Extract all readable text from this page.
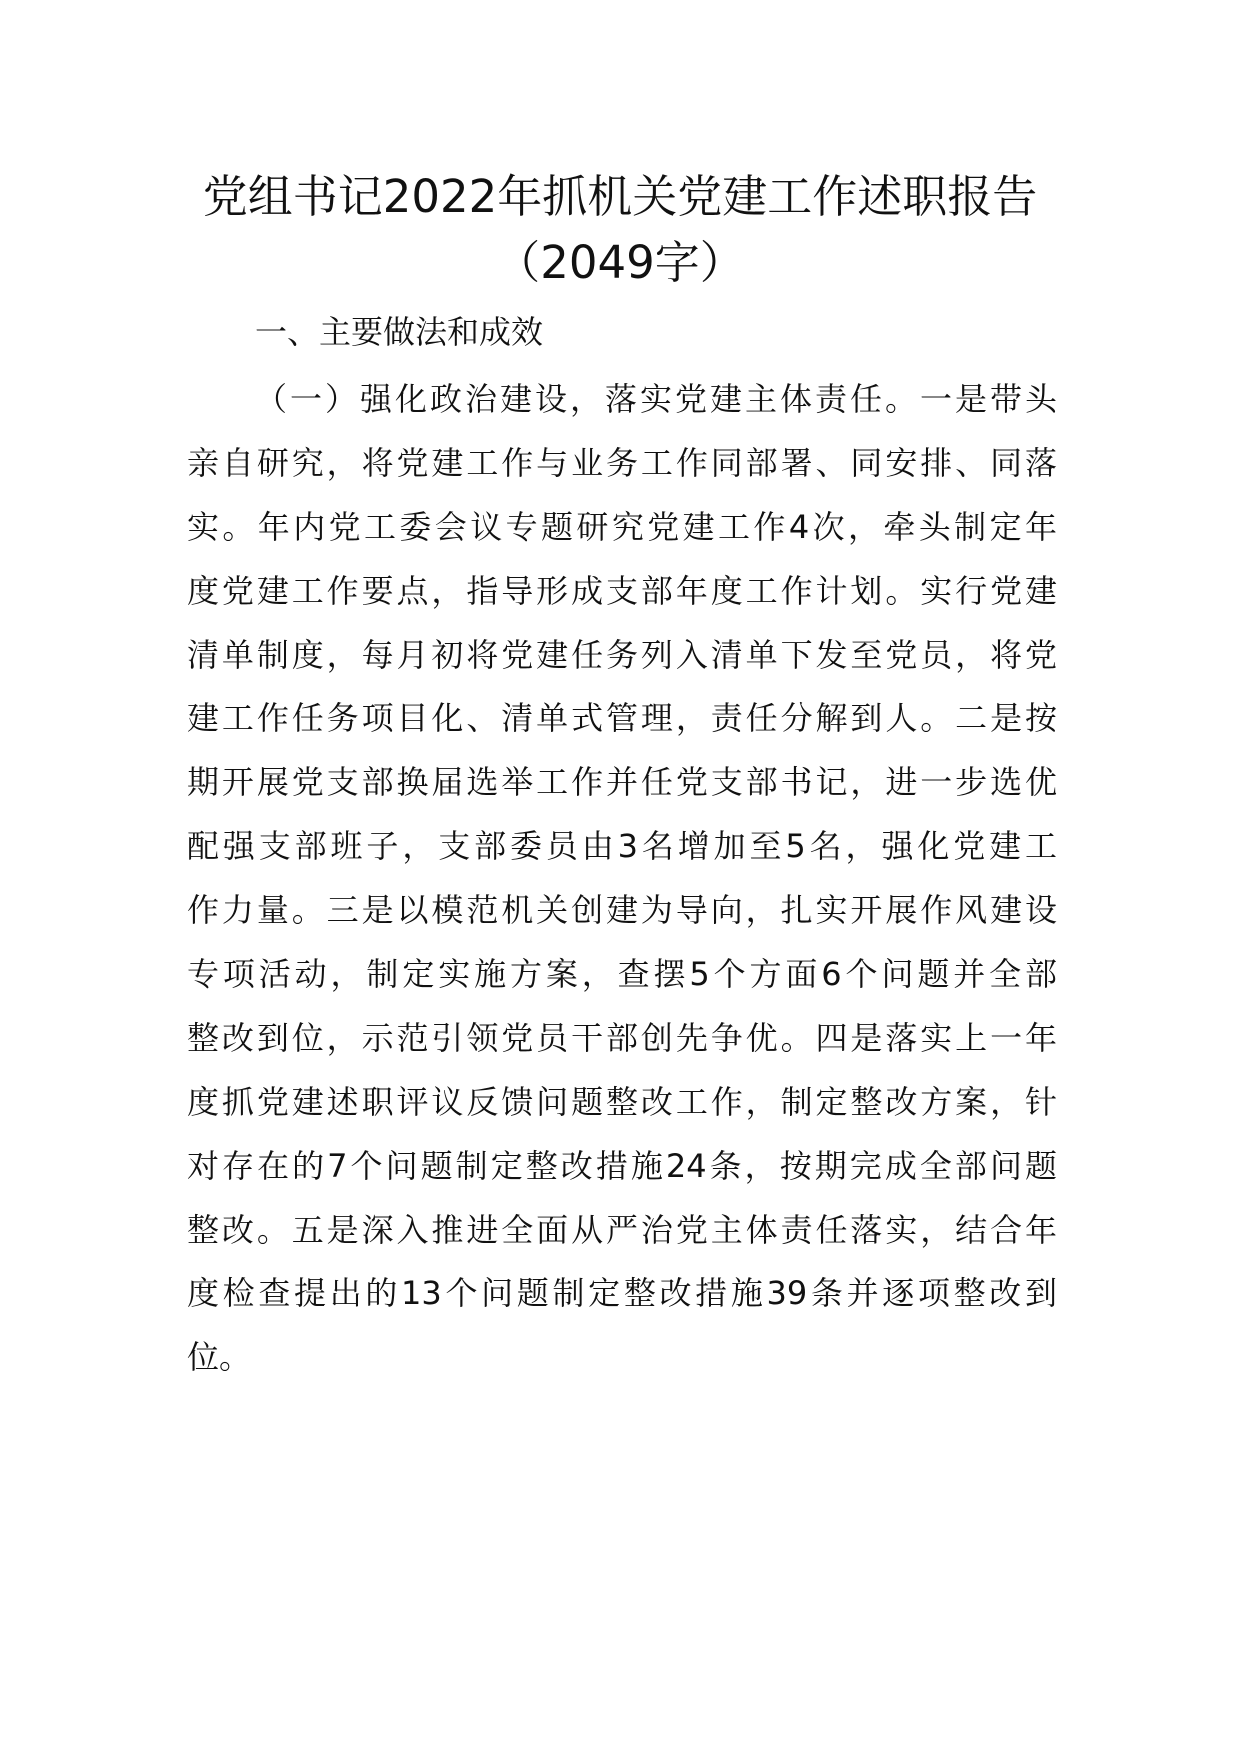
党组书记2022年抓机关党建工作述职报告
（2049字）
一、主要做法和成效
（一）强化政治建设，落实党建主体责任。一是带头
亲自研究，将党建工作与业务工作同部署、同安排、同落
实。年内党工委会议专题研究党建工作4次，牵头制定年
度党建工作要点，指导形成支部年度工作计划。实行党建
清单制度，每月初将党建任务列入清单下发至党员，将党
建工作任务项目化、清单式管理，责任分解到人。二是按
期开展党支部换届选举工作并任党支部书记，进一步选优
配强支部班子，支部委员由3名增加至5名，强化党建工
作力量。三是以模范机关创建为导向，扎实开展作风建设
专项活动，制定实施方案，查摆5个方面6个问题并全部
整改到位，示范引领党员干部创先争优。四是落实上一年
度抓党建述职评议反馈问题整改工作，制定整改方案，针
对存在的7个问题制定整改措施24条，按期完成全部问题
整改。五是深入推进全面从严治党主体责任落实，结合年
度检查提出的13个问题制定整改措施39条并逐项整改到
位。
